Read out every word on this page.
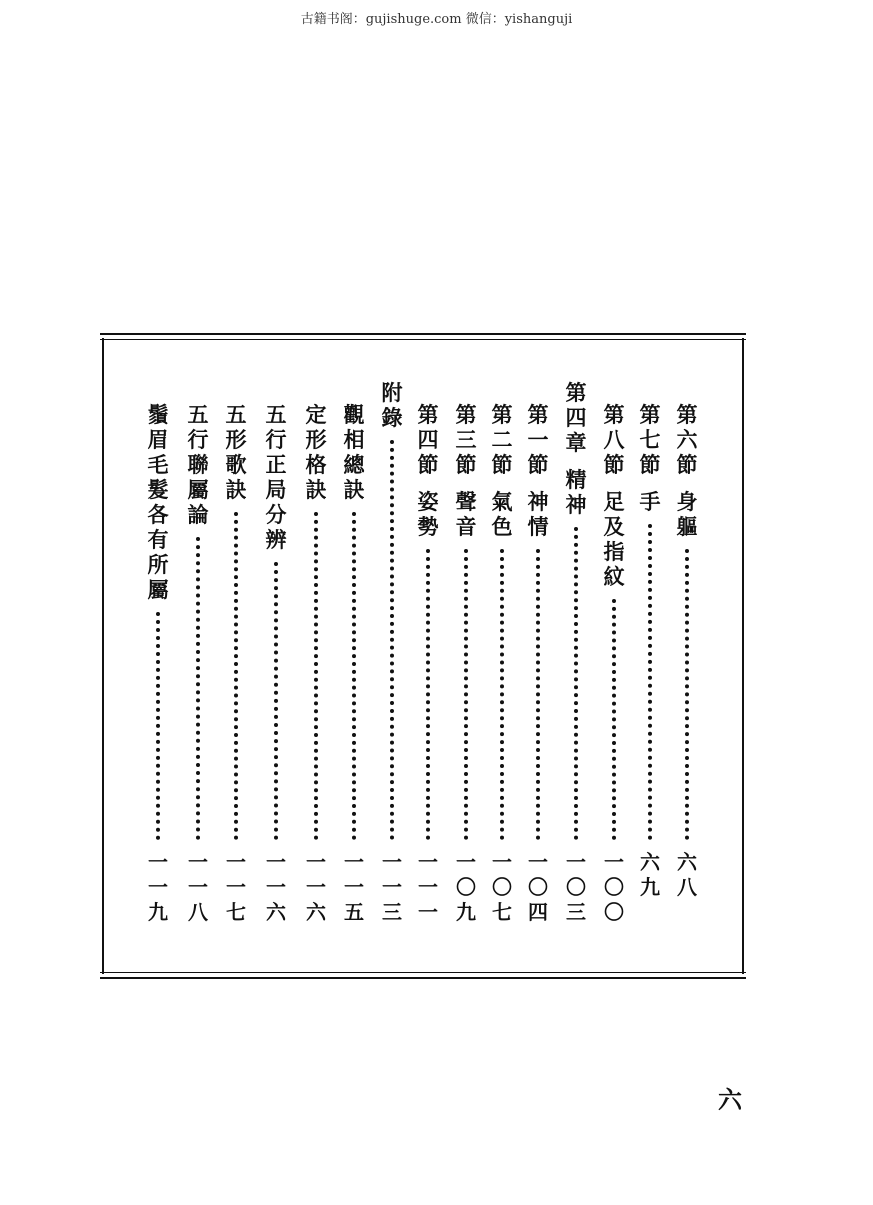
古籍书阁：gujishuge.com 微信：yishanguji
第
六
節
身
軀
六
八
第
七
節
手
六
九
第
八
節
足
及
指
紋
一
〇
〇
第
四
章
精
神
一
〇
三
第
一
節
神
情
一
〇
四
第
二
節
氣
色
一
〇
七
第
三
節
聲
音
一
〇
九
第
四
節
姿
勢
一
一
一
附
錄
一
一
三
觀
相
總
訣
一
一
五
定
形
格
訣
一
一
六
五
行
正
局
分
辨
一
一
六
五
形
歌
訣
一
一
七
五
行
聯
屬
論
一
一
八
鬚
眉
毛
髮
各
有
所
屬
一
一
九
六
